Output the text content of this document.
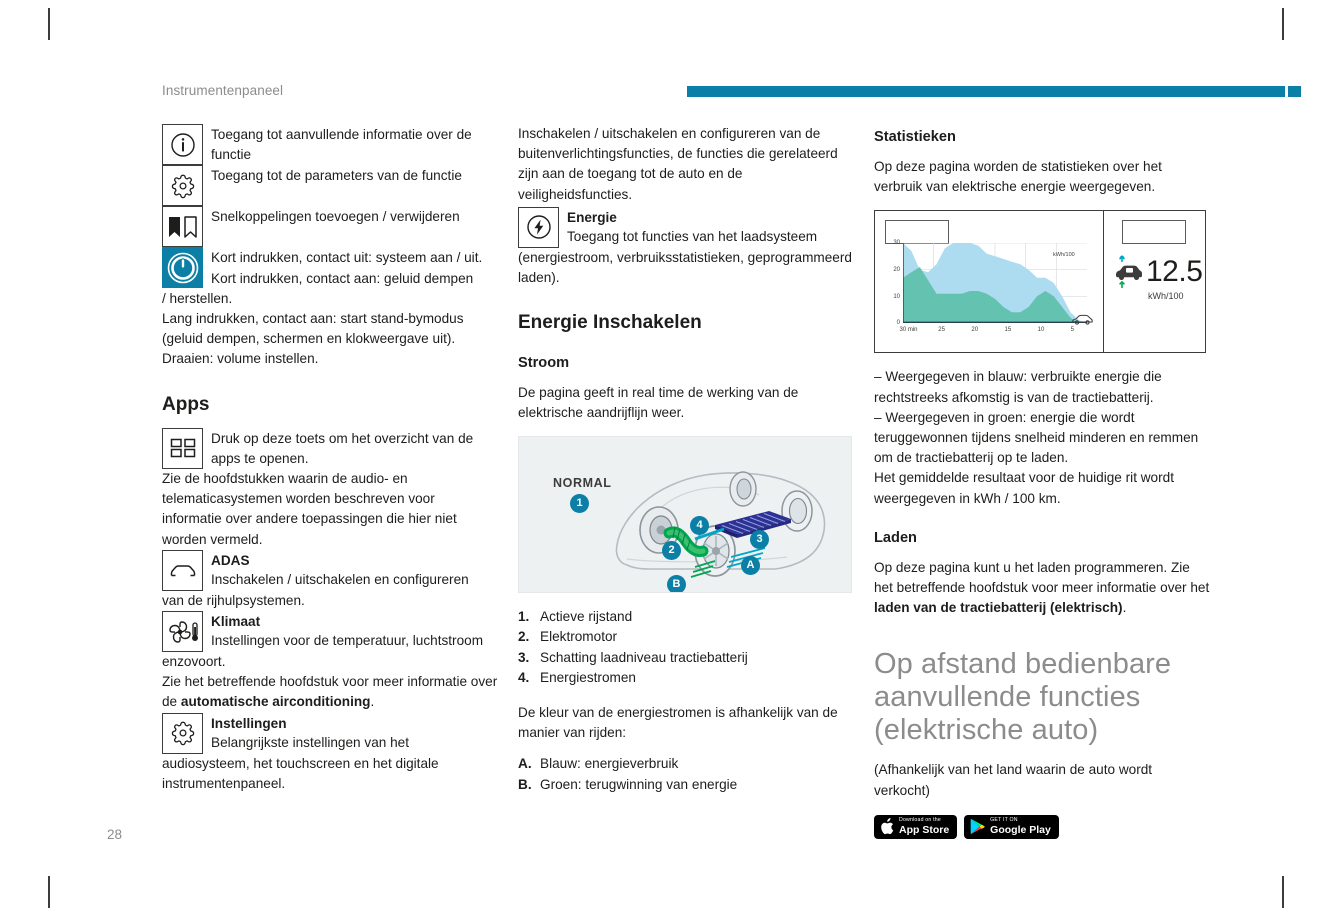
Instrumentenpaneel
28
Toegang tot aanvullende informatie over de functie
Toegang tot de parameters van de functie
Snelkoppelingen toevoegen / verwijderen
Kort indrukken, contact uit: systeem aan / uit.
Kort indrukken, contact aan: geluid dempen

/ herstellen.

Lang indrukken, contact aan: start stand-bymodus (geluid dempen, schermen en klokweergave uit). Draaien: volume instellen.

Apps
Druk op deze toets om het overzicht van de apps te openen.

Zie de hoofdstukken waarin de audio- en telematicasystemen worden beschreven voor informatie over andere toepassingen die hier niet worden vermeld.

ADAS
Inschakelen / uitschakelen en configureren

van de rijhulpsystemen.

Klimaat
Instellingen voor de temperatuur, luchtstroom

enzovoort.

Zie het betreffende hoofdstuk voor meer informatie over de automatische airconditioning.

Instellingen
Belangrijkste instellingen van het

audiosysteem, het touchscreen en het digitale instrumentenpaneel.

Inschakelen / uitschakelen en configureren van de buitenverlichtingsfuncties, de functies die gerelateerd zijn aan de toegang tot de auto en de veiligheidsfuncties.

Energie
Toegang tot functies van het laadsysteem

(energiestroom, verbruiksstatistieken, geprogrammeerd laden).

Energie Inschakelen
Stroom

De pagina geeft in real time de werking van de elektrische aandrijflijn weer.

NORMAL
1
2
3
4
A
B
1. Actieve rijstand
2. Elektromotor
3. Schatting laadniveau tractiebatterij
4. Energiestromen

De kleur van de energiestromen is afhankelijk van de manier van rijden:

A. Blauw: energieverbruik
B. Groen: terugwinning van energie
Statistieken

Op deze pagina worden de statistieken over het verbruik van elektrische energie weergegeven.

30
20
10
0
30 min	25	20	15	10	5
kWh/100 12.5
kWh/100

– Weergegeven in blauw: verbruikte energie die rechtstreeks afkomstig is van de tractiebatterij.

– Weergegeven in groen: energie die wordt teruggewonnen tijdens snelheid minderen en remmen om de tractiebatterij op te laden.

Het gemiddelde resultaat voor de huidige rit wordt weergegeven in kWh / 100 km.

Laden

Op deze pagina kunt u het laden programmeren. Zie het betreffende hoofdstuk voor meer informatie over het laden van de tractiebatterij (elektrisch).

Op afstand bedienbare aanvullende functies (elektrische auto)

(Afhankelijk van het land waarin de auto wordt verkocht)

Download on the
App Store
GET IT ON
Google Play
